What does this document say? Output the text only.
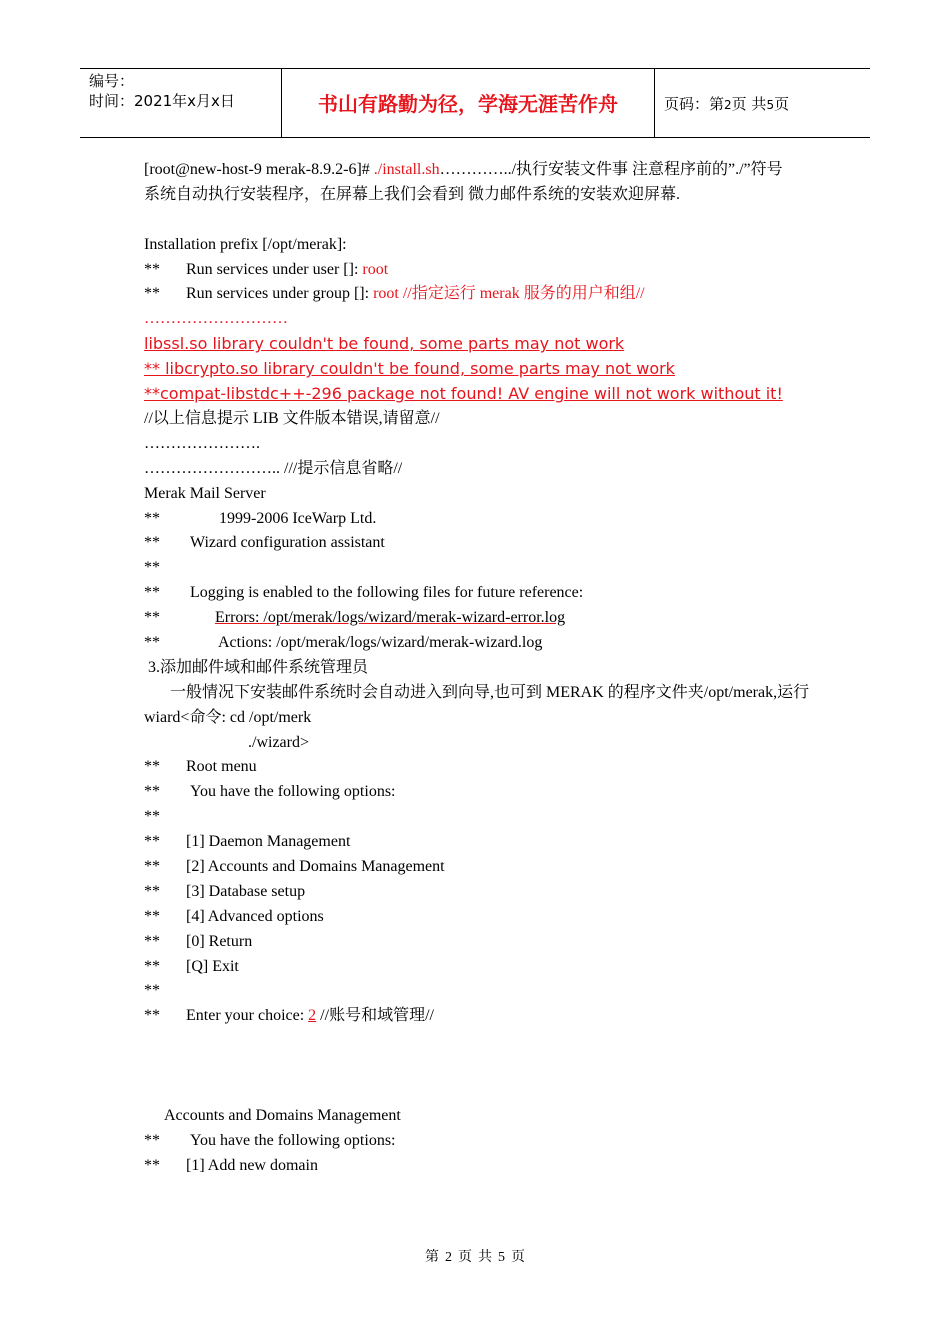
编号：
时间：2021年x月x日	书山有路勤为径，学海无涯苦作舟	页码：第2页 共5页
[root@new-host-9 merak-8.9.2-6]# ./install.sh…………../执行安装文件事 注意程序前的”./”符号
系统自动执行安装程序，在屏幕上我们会看到 微力邮件系统的安装欢迎屏幕.
Installation prefix [/opt/merak]:
** Run services under user []: root
** Run services under group []: root //指定运行 merak 服务的用户和组//
………………………
libssl.so library couldn't be found, some parts may not work
** libcrypto.so library couldn't be found, some parts may not work
**compat-libstdc++-296 package not found! AV engine will not work without it!
//以上信息提示 LIB 文件版本错误,请留意//
………………….
…………………….. ///提示信息省略//
Merak Mail Server
**	1999-2006 IceWarp Ltd.
** Wizard configuration assistant
**
** Logging is enabled to the following files for future reference:
**	Errors: /opt/merak/logs/wizard/merak-wizard-error.log
**	Actions: /opt/merak/logs/wizard/merak-wizard.log
3.添加邮件域和邮件系统管理员
一般情况下安装邮件系统时会自动进入到向导,也可到 MERAK 的程序文件夹/opt/merak,运行 wiard<命令: cd /opt/merk
./wizard>
** Root menu
** You have the following options:
**
** [1] Daemon Management
** [2] Accounts and Domains Management
** [3] Database setup
** [4] Advanced options
** [0] Return
** [Q] Exit
**
** Enter your choice: 2 //账号和域管理//
Accounts and Domains Management
** You have the following options:
** [1] Add new domain
第 2 页 共 5 页
